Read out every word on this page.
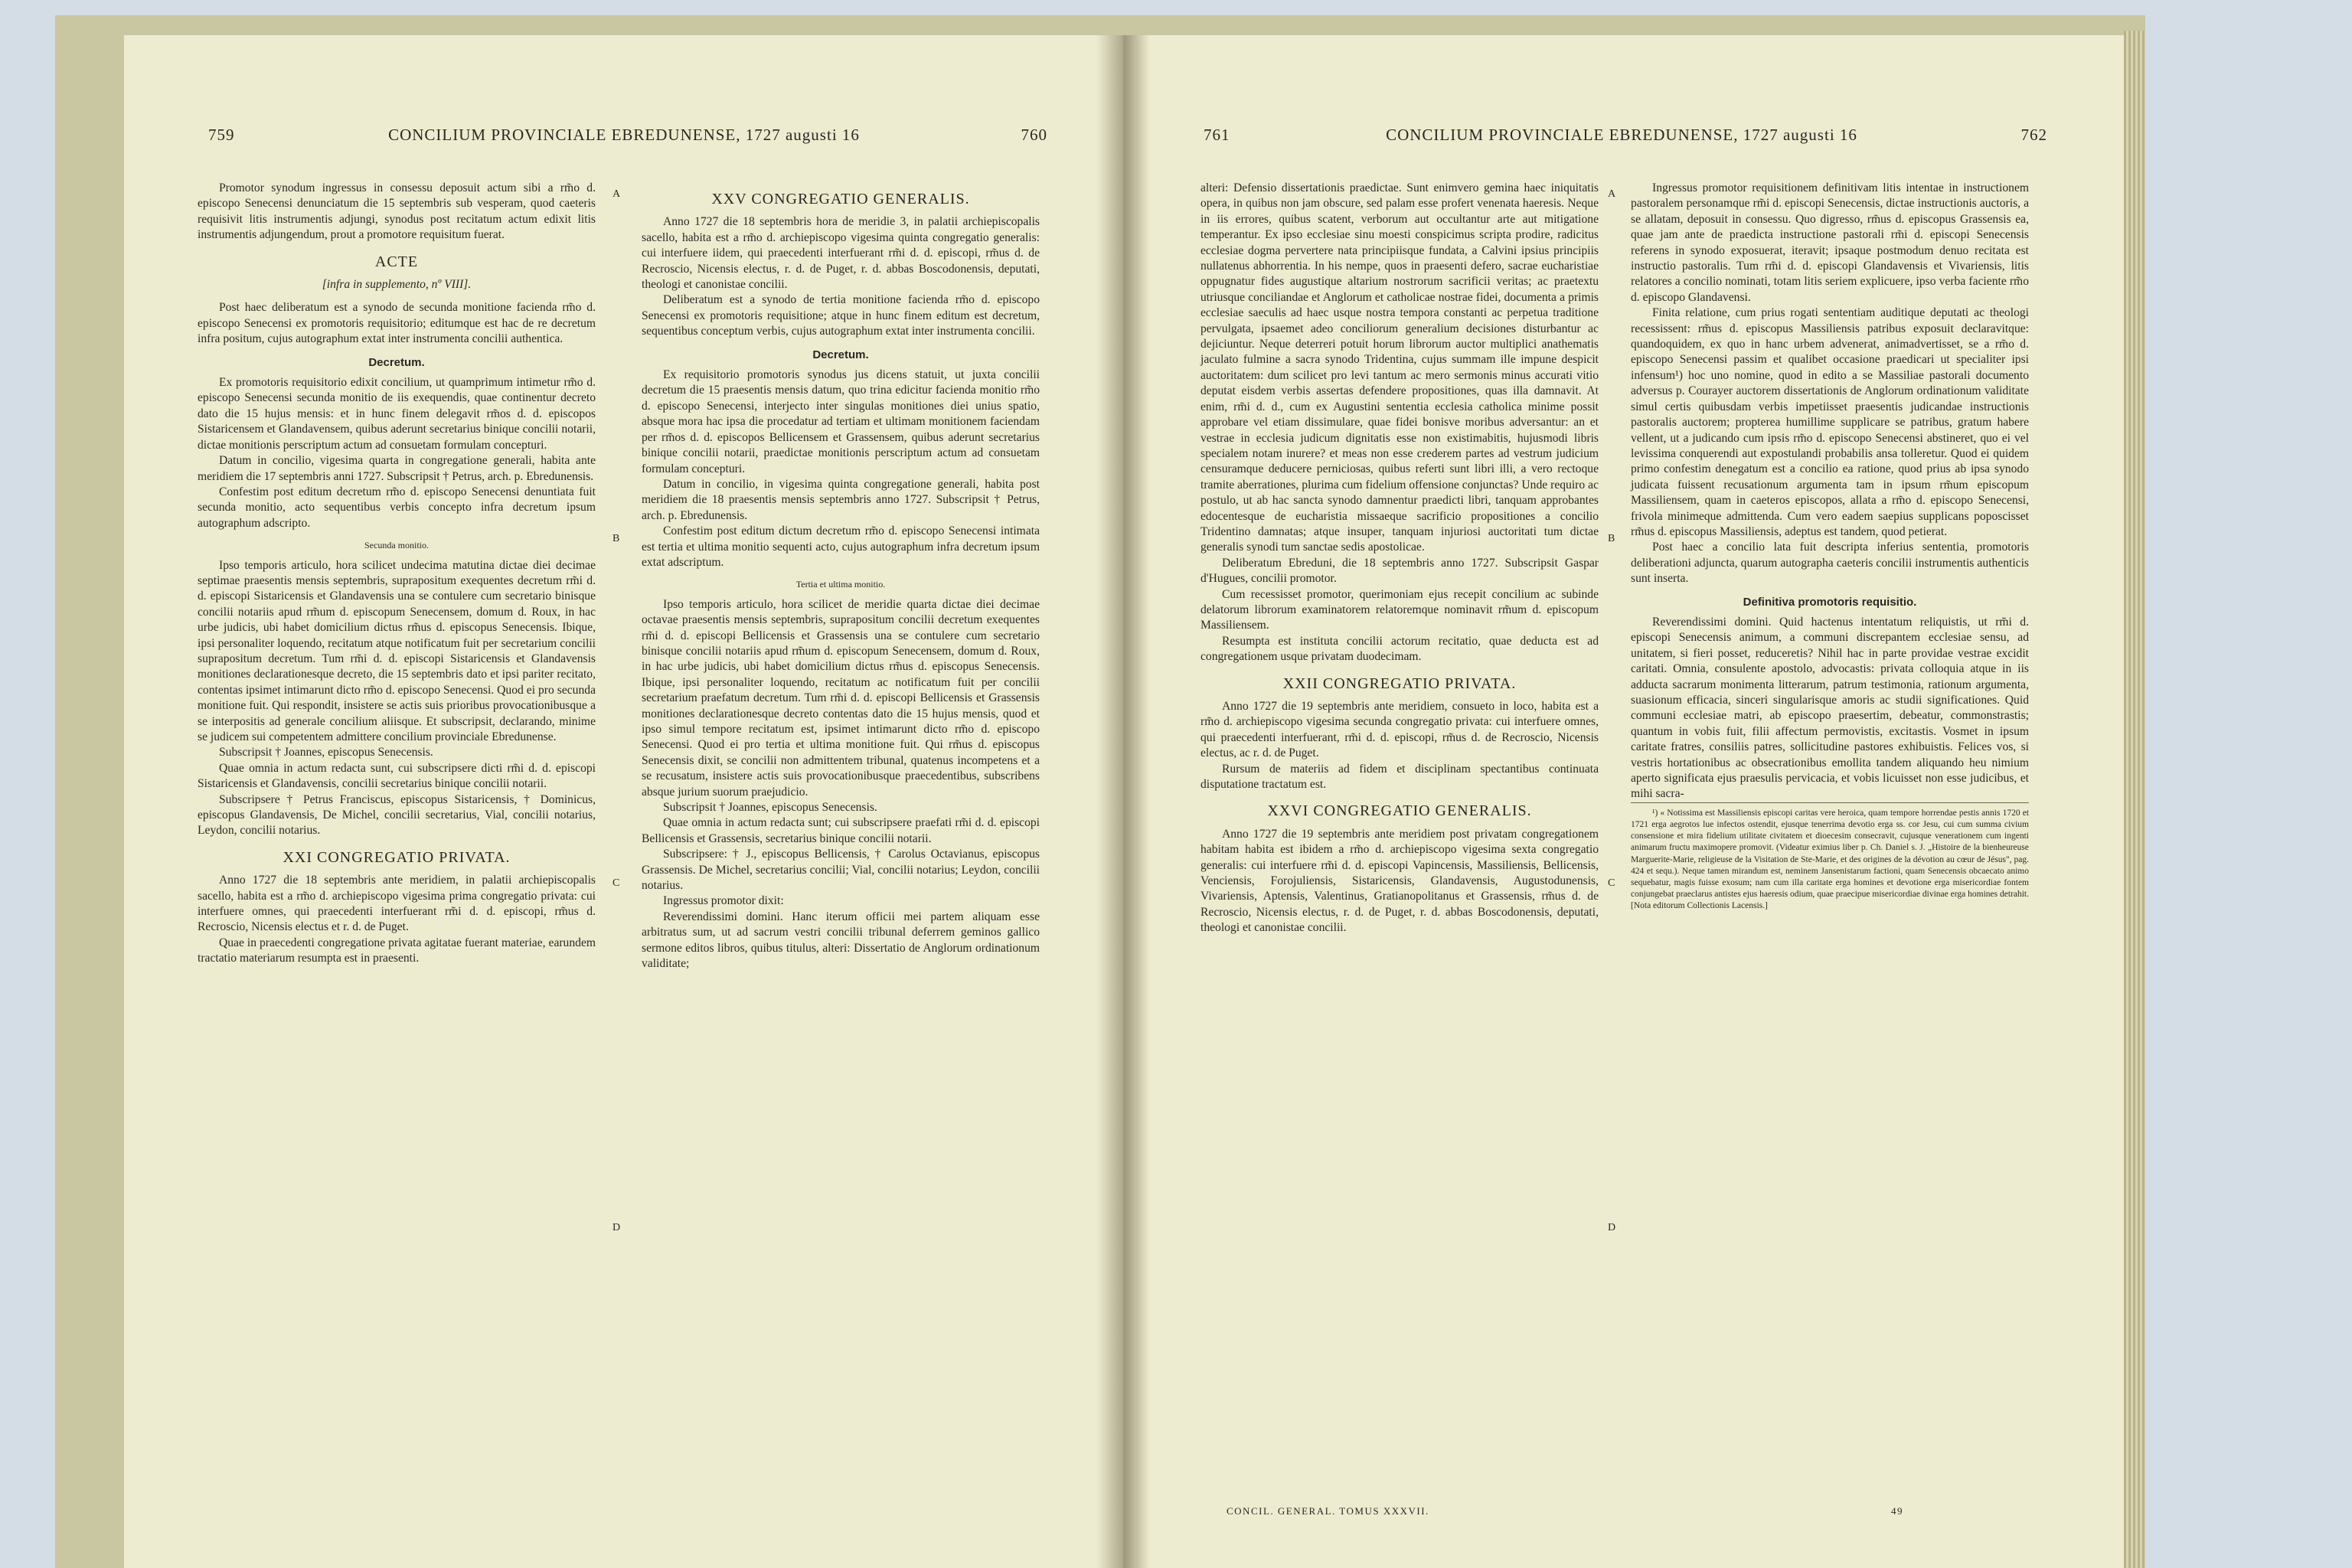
759	CONCILIUM PROVINCIALE EBREDUNENSE, 1727 augusti 16	760

Promotor synodum ingressus in consessu deposuit actum sibi a rm̃o d. episcopo Senecensi denunciatum die 15 septembris sub vesperam, quod caeteris requisivit litis instrumentis adjungi, synodus post recitatum actum edixit litis instrumentis adjungendum, prout a promotore requisitum fuerat.

ACTE
[infra in supplemento, nº VIII].

Post haec deliberatum est a synodo de secunda monitione facienda rm̃o d. episcopo Senecensi ex promotoris requisitorio; editumque est hac de re decretum infra positum, cujus autographum extat inter instrumenta concilii authentica.

Decretum.

Ex promotoris requisitorio edixit concilium, ut quamprimum intimetur rm̃o d. episcopo Senecensi secunda monitio de iis exequendis, quae continentur decreto dato die 15 hujus mensis: et in hunc finem delegavit rm̃os d. d. episcopos Sistaricensem et Glandavensem, quibus aderunt secretarius binique concilii notarii, dictae monitionis perscriptum actum ad consuetam formulam concepturi.

Datum in concilio, vigesima quarta in congregatione generali, habita ante meridiem die 17 septembris anni 1727. Subscripsit † Petrus, arch. p. Ebredunensis.

Confestim post editum decretum rm̃o d. episcopo Senecensi denuntiata fuit secunda monitio, acto sequentibus verbis concepto infra decretum ipsum autographum adscripto.

Secunda monitio.

Ipso temporis articulo, hora scilicet undecima matutina dictae diei decimae septimae praesentis mensis septembris, suprapositum exequentes decretum rm̃i d. d. episcopi Sistaricensis et Glandavensis una se contulere cum secretario binisque concilii notariis apud rm̃um d. episcopum Senecensem, domum d. Roux, in hac urbe judicis, ubi habet domicilium dictus rm̃us d. episcopus Senecensis. Ibique, ipsi personaliter loquendo, recitatum atque notificatum fuit per secretarium concilii suprapositum decretum. Tum rm̃i d. d. episcopi Sistaricensis et Glandavensis monitiones declarationesque decreto, die 15 septembris dato et ipsi pariter recitato, contentas ipsimet intimarunt dicto rm̃o d. episcopo Senecensi. Quod ei pro secunda monitione fuit. Qui respondit, insistere se actis suis prioribus provocationibusque a se interpositis ad generale concilium aliisque. Et subscripsit, declarando, minime se judicem sui competentem admittere concilium provinciale Ebredunense.

Subscripsit † Joannes, episcopus Senecensis.

Quae omnia in actum redacta sunt, cui subscripsere dicti rm̃i d. d. episcopi Sistaricensis et Glandavensis, concilii secretarius binique concilii notarii.

Subscripsere † Petrus Franciscus, episcopus Sistaricensis, † Dominicus, episcopus Glandavensis, De Michel, concilii secretarius, Vial, concilii notarius, Leydon, concilii notarius.

XXI CONGREGATIO PRIVATA.

Anno 1727 die 18 septembris ante meridiem, in palatii archiepiscopalis sacello, habita est a rm̃o d. archiepiscopo vigesima prima congregatio privata: cui interfuere omnes, qui praecedenti interfuerant rm̃i d. d. episcopi, rm̃us d. Recroscio, Nicensis electus et r. d. de Puget.

Quae in praecedenti congregatione privata agitatae fuerant materiae, earundem tractatio materiarum resumpta est in praesenti.

XXV CONGREGATIO GENERALIS.

Anno 1727 die 18 septembris hora de meridie 3, in palatii archiepiscopalis sacello, habita est a rm̃o d. archiepiscopo vigesima quinta congregatio generalis: cui interfuere iidem, qui praecedenti interfuerant rm̃i d. d. episcopi, rm̃us d. de Recroscio, Nicensis electus, r. d. de Puget, r. d. abbas Boscodonensis, deputati, theologi et canonistae concilii.

Deliberatum est a synodo de tertia monitione facienda rm̃o d. episcopo Senecensi ex promotoris requisitione; atque in hunc finem editum est decretum, sequentibus conceptum verbis, cujus autographum extat inter instrumenta concilii.

Decretum.

Ex requisitorio promotoris synodus jus dicens statuit, ut juxta concilii decretum die 15 praesentis mensis datum, quo trina edicitur facienda monitio rm̃o d. episcopo Senecensi, interjecto inter singulas monitiones diei unius spatio, absque mora hac ipsa die procedatur ad tertiam et ultimam monitionem faciendam per rm̃os d. d. episcopos Bellicensem et Grassensem, quibus aderunt secretarius binique concilii notarii, praedictae monitionis perscriptum actum ad consuetam formulam concepturi.

Datum in concilio, in vigesima quinta congregatione generali, habita post meridiem die 18 praesentis mensis septembris anno 1727. Subscripsit † Petrus, arch. p. Ebredunensis.

Confestim post editum dictum decretum rm̃o d. episcopo Senecensi intimata est tertia et ultima monitio sequenti acto, cujus autographum infra decretum ipsum extat adscriptum.

Tertia et ultima monitio.

Ipso temporis articulo, hora scilicet de meridie quarta dictae diei decimae octavae praesentis mensis septembris, suprapositum concilii decretum exequentes rm̃i d. d. episcopi Bellicensis et Grassensis una se contulere cum secretario binisque concilii notariis apud rm̃um d. episcopum Senecensem, domum d. Roux, in hac urbe judicis, ubi habet domicilium dictus rm̃us d. episcopus Senecensis. Ibique, ipsi personaliter loquendo, recitatum ac notificatum fuit per concilii secretarium praefatum decretum. Tum rm̃i d. d. episcopi Bellicensis et Grassensis monitiones declarationesque decreto contentas dato die 15 hujus mensis, quod et ipso simul tempore recitatum est, ipsimet intimarunt dicto rm̃o d. episcopo Senecensi. Quod ei pro tertia et ultima monitione fuit. Qui rm̃us d. episcopus Senecensis dixit, se concilii non admittentem tribunal, quatenus incompetens et a se recusatum, insistere actis suis provocationibusque praecedentibus, subscribens absque jurium suorum praejudicio.

Subscripsit † Joannes, episcopus Senecensis.

Quae omnia in actum redacta sunt; cui subscripsere praefati rm̃i d. d. episcopi Bellicensis et Grassensis, secretarius binique concilii notarii.

Subscripsere: † J., episcopus Bellicensis, † Carolus Octavianus, episcopus Grassensis. De Michel, secretarius concilii; Vial, concilii notarius; Leydon, concilii notarius.

Ingressus promotor dixit:

Reverendissimi domini. Hanc iterum officii mei partem aliquam esse arbitratus sum, ut ad sacrum vestri concilii tribunal deferrem geminos gallico sermone editos libros, quibus titulus, alteri: Dissertatio de Anglorum ordinationum validitate;

A
B
C
D
761	CONCILIUM PROVINCIALE EBREDUNENSE, 1727 augusti 16	762

alteri: Defensio dissertationis praedictae. Sunt enimvero gemina haec iniquitatis opera, in quibus non jam obscure, sed palam esse profert venenata haeresis. Neque in iis errores, quibus scatent, verborum aut occultantur arte aut mitigatione temperantur. Ex ipso ecclesiae sinu moesti conspicimus scripta prodire, radicitus ecclesiae dogma pervertere nata principiisque fundata, a Calvini ipsius principiis nullatenus abhorrentia. In his nempe, quos in praesenti defero, sacrae eucharistiae oppugnatur fides augustique altarium nostrorum sacrificii veritas; ac praetextu utriusque conciliandae et Anglorum et catholicae nostrae fidei, documenta a primis ecclesiae saeculis ad haec usque nostra tempora constanti ac perpetua traditione pervulgata, ipsaemet adeo conciliorum generalium decisiones disturbantur ac dejiciuntur. Neque deterreri potuit horum librorum auctor multiplici anathematis jaculato fulmine a sacra synodo Tridentina, cujus summam ille impune despicit auctoritatem: dum scilicet pro levi tantum ac mero sermonis minus accurati vitio deputat eisdem verbis assertas defendere propositiones, quas illa damnavit. At enim, rm̃i d. d., cum ex Augustini sententia ecclesia catholica minime possit approbare vel etiam dissimulare, quae fidei bonisve moribus adversantur: an et vestrae in ecclesia judicum dignitatis esse non existimabitis, hujusmodi libris specialem notam inurere? et meas non esse crederem partes ad vestrum judicium censuramque deducere perniciosas, quibus referti sunt libri illi, a vero rectoque tramite aberrationes, plurima cum fidelium offensione conjunctas? Unde requiro ac postulo, ut ab hac sancta synodo damnentur praedicti libri, tanquam approbantes edocentesque de eucharistia missaeque sacrificio propositiones a concilio Tridentino damnatas; atque insuper, tanquam injuriosi auctoritati tum dictae generalis synodi tum sanctae sedis apostolicae.

Deliberatum Ebreduni, die 18 septembris anno 1727. Subscripsit Gaspar d'Hugues, concilii promotor.

Cum recessisset promotor, querimoniam ejus recepit concilium ac subinde delatorum librorum examinatorem relatoremque nominavit rm̃um d. episcopum Massiliensem.

Resumpta est instituta concilii actorum recitatio, quae deducta est ad congregationem usque privatam duodecimam.

XXII CONGREGATIO PRIVATA.

Anno 1727 die 19 septembris ante meridiem, consueto in loco, habita est a rm̃o d. archiepiscopo vigesima secunda congregatio privata: cui interfuere omnes, qui praecedenti interfuerant, rm̃i d. d. episcopi, rm̃us d. de Recroscio, Nicensis electus, ac r. d. de Puget.

Rursum de materiis ad fidem et disciplinam spectantibus continuata disputatione tractatum est.

XXVI CONGREGATIO GENERALIS.

Anno 1727 die 19 septembris ante meridiem post privatam congregationem habitam habita est ibidem a rm̃o d. archiepiscopo vigesima sexta congregatio generalis: cui interfuere rm̃i d. d. episcopi Vapincensis, Massiliensis, Bellicensis, Venciensis, Forojuliensis, Sistaricensis, Glandavensis, Augustodunensis, Vivariensis, Aptensis, Valentinus, Gratianopolitanus et Grassensis, rm̃us d. de Recroscio, Nicensis electus, r. d. de Puget, r. d. abbas Boscodonensis, deputati, theologi et canonistae concilii.

Ingressus promotor requisitionem definitivam litis intentae in instructionem pastoralem personamque rm̃i d. episcopi Senecensis, dictae instructionis auctoris, a se allatam, deposuit in consessu. Quo digresso, rm̃us d. episcopus Grassensis ea, quae jam ante de praedicta instructione pastorali rm̃i d. episcopi Senecensis referens in synodo exposuerat, iteravit; ipsaque postmodum denuo recitata est instructio pastoralis. Tum rm̃i d. d. episcopi Glandavensis et Vivariensis, litis relatores a concilio nominati, totam litis seriem explicuere, ipso verba faciente rm̃o d. episcopo Glandavensi.

Finita relatione, cum prius rogati sententiam auditique deputati ac theologi recessissent: rm̃us d. episcopus Massiliensis patribus exposuit declaravitque: quandoquidem, ex quo in hanc urbem advenerat, animadvertisset, se a rm̃o d. episcopo Senecensi passim et qualibet occasione praedicari ut specialiter ipsi infensum¹) hoc uno nomine, quod in edito a se Massiliae pastorali documento adversus p. Courayer auctorem dissertationis de Anglorum ordinationum validitate simul certis quibusdam verbis impetiisset praesentis judicandae instructionis pastoralis auctorem; propterea humillime supplicare se patribus, gratum habere vellent, ut a judicando cum ipsis rm̃o d. episcopo Senecensi abstineret, quo ei vel levissima conquerendi aut expostulandi probabilis ansa tolleretur. Quod ei quidem primo confestim denegatum est a concilio ea ratione, quod prius ab ipsa synodo judicata fuissent recusationum argumenta tam in ipsum rm̃um episcopum Massiliensem, quam in caeteros episcopos, allata a rm̃o d. episcopo Senecensi, frivola minimeque admittenda. Cum vero eadem saepius supplicans poposcisset rm̃us d. episcopus Massiliensis, adeptus est tandem, quod petierat.

Post haec a concilio lata fuit descripta inferius sententia, promotoris deliberationi adjuncta, quarum autographa caeteris concilii instrumentis authenticis sunt inserta.

Definitiva promotoris requisitio.

Reverendissimi domini. Quid hactenus intentatum reliquistis, ut rm̃i d. episcopi Senecensis animum, a communi discrepantem ecclesiae sensu, ad unitatem, si fieri posset, reduceretis? Nihil hac in parte providae vestrae excidit caritati. Omnia, consulente apostolo, advocastis: privata colloquia atque in iis adducta sacrarum monimenta litterarum, patrum testimonia, rationum argumenta, suasionum efficacia, sinceri singularisque amoris ac studii significationes. Quid communi ecclesiae matri, ab episcopo praesertim, debeatur, commonstrastis; quantum in vobis fuit, filii affectum permovistis, excitastis. Vosmet in ipsum caritate fratres, consiliis patres, sollicitudine pastores exhibuistis. Felices vos, si vestris hortationibus ac obsecrationibus emollita tandem aliquando heu nimium aperto significata ejus praesulis pervicacia, et vobis licuisset non esse judicibus, et mihi sacra-

¹) « Notissima est Massiliensis episcopi caritas vere heroica, quam tempore horrendae pestis annis 1720 et 1721 erga aegrotos lue infectos ostendit, ejusque tenerrima devotio erga ss. cor Jesu, cui cum summa civium consensione et mira fidelium utilitate civitatem et dioecesim consecravit, cujusque venerationem cum ingenti animarum fructu maximopere promovit. (Videatur eximius liber p. Ch. Daniel s. J. „Histoire de la bienheureuse Marguerite-Marie, religieuse de la Visitation de Ste-Marie, et des origines de la dévotion au cœur de Jésus", pag. 424 et sequ.). Neque tamen mirandum est, neminem Jansenistarum factioni, quam Senecensis obcaecato animo sequebatur, magis fuisse exosum; nam cum illa caritate erga homines et devotione erga misericordiae fontem conjungebat praeclarus antistes ejus haeresis odium, quae praecipue misericordiae divinae erga homines detrahit. [Nota editorum Collectionis Lacensis.]

A
B
C
D
CONCIL. GENERAL. TOMUS XXXVII.	49
